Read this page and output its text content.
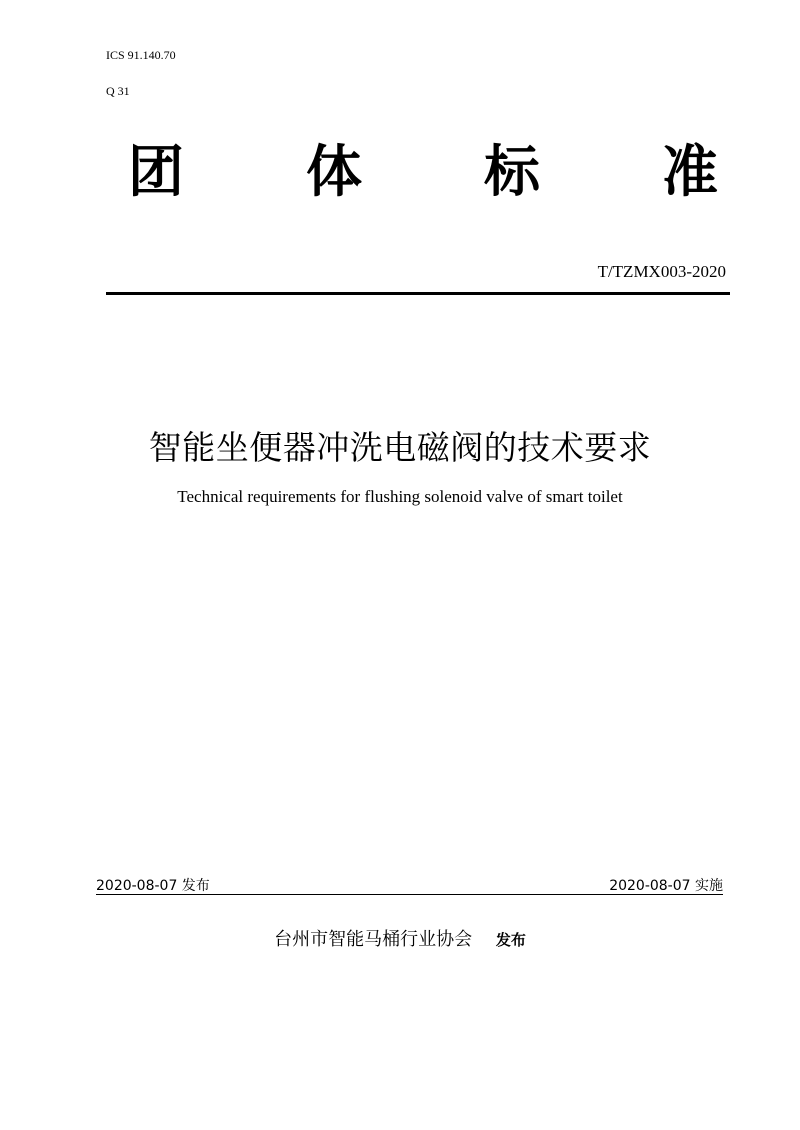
ICS 91.140.70
Q 31
团 体 标 准
T/TZMX003-2020
智能坐便器冲洗电磁阀的技术要求
Technical requirements for flushing solenoid valve of smart toilet
2020-08-07 发布	2020-08-07 实施
台州市智能马桶行业协会 发布
